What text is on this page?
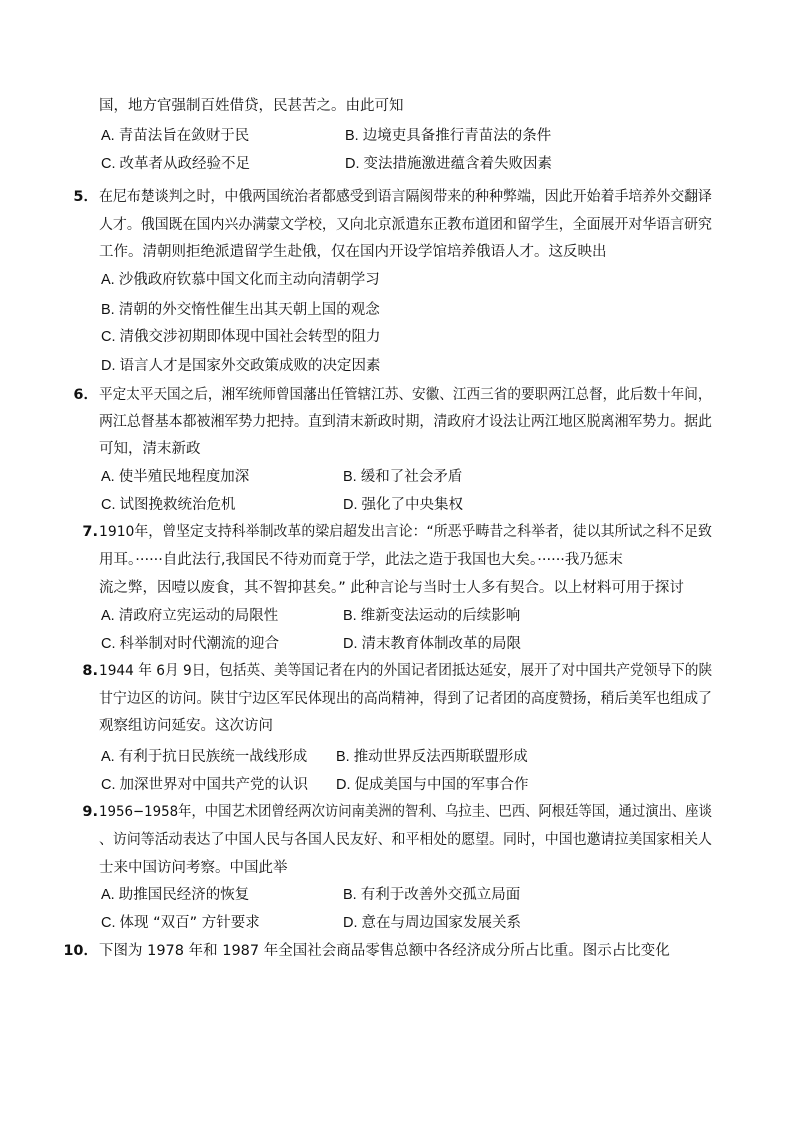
国，地方官强制百姓借贷，民甚苦之。由此可知
A. 青苗法旨在敛财于民	B. 边境吏具备推行青苗法的条件
C. 改革者从政经验不足	D. 变法措施激进蕴含着失败因素
5． 在尼布楚谈判之时，中俄两国统治者都感受到语言隔阂带来的种种弊端，因此开始着手培养外交翻译
人才。俄国既在国内兴办满蒙文学校，又向北京派遣东正教布道团和留学生，全面展开对华语言研究
工作。清朝则拒绝派遣留学生赴俄，仅在国内开设学馆培养俄语人才。这反映出
A. 沙俄政府钦慕中国文化而主动向清朝学习
B. 清朝的外交惰性催生出其天朝上国的观念
C. 清俄交涉初期即体现中国社会转型的阻力
D. 语言人才是国家外交政策成败的决定因素
6． 平定太平天国之后，湘军统师曾国藩出任管辖江苏、安徽、江西三省的要职两江总督，此后数十年间，
两江总督基本都被湘军势力把持。直到清末新政时期，清政府才设法让两江地区脱离湘军势力。据此
可知，清末新政
A. 使半殖民地程度加深	B. 缓和了社会矛盾
C. 试图挽救统治危机	D. 强化了中央集权
7. 1910年，曾坚定支持科举制改革的梁启超发出言论：“所恶乎畴昔之科举者，徒以其所试之科不足致
用耳。······自此法行,我国民不待劝而竟于学，此法之造于我国也大矣。······我乃惩末
流之弊，因噎以废食，其不智抑甚矣。” 此种言论与当时士人多有契合。以上材料可用于探讨
A. 清政府立宪运动的局限性	B. 维新变法运动的后续影响
C. 科举制对时代潮流的迎合	D. 清末教育体制改革的局限
8. 1944 年 6月 9日，包括英、美等国记者在内的外国记者团抵达延安，展开了对中国共产党领导下的陕
甘宁边区的访问。陕甘宁边区军民体现出的高尚精神，得到了记者团的高度赞扬，稍后美军也组成了
观察组访问延安。这次访问
A. 有利于抗日民族统一战线形成 B. 推动世界反法西斯联盟形成
C. 加深世界对中国共产党的认识 D. 促成美国与中国的军事合作
9. 1956−1958年，中国艺术团曾经两次访问南美洲的智利、乌拉圭、巴西、阿根廷等国，通过演出、座谈
、访问等活动表达了中国人民与各国人民友好、和平相处的愿望。同时，中国也邀请拉美国家相关人
士来中国访问考察。中国此举
A. 助推国民经济的恢复	B. 有利于改善外交孤立局面
C. 体现 “双百” 方针要求	D. 意在与周边国家发展关系
10． 下图为 1978 年和 1987 年全国社会商品零售总额中各经济成分所占比重。图示占比变化
